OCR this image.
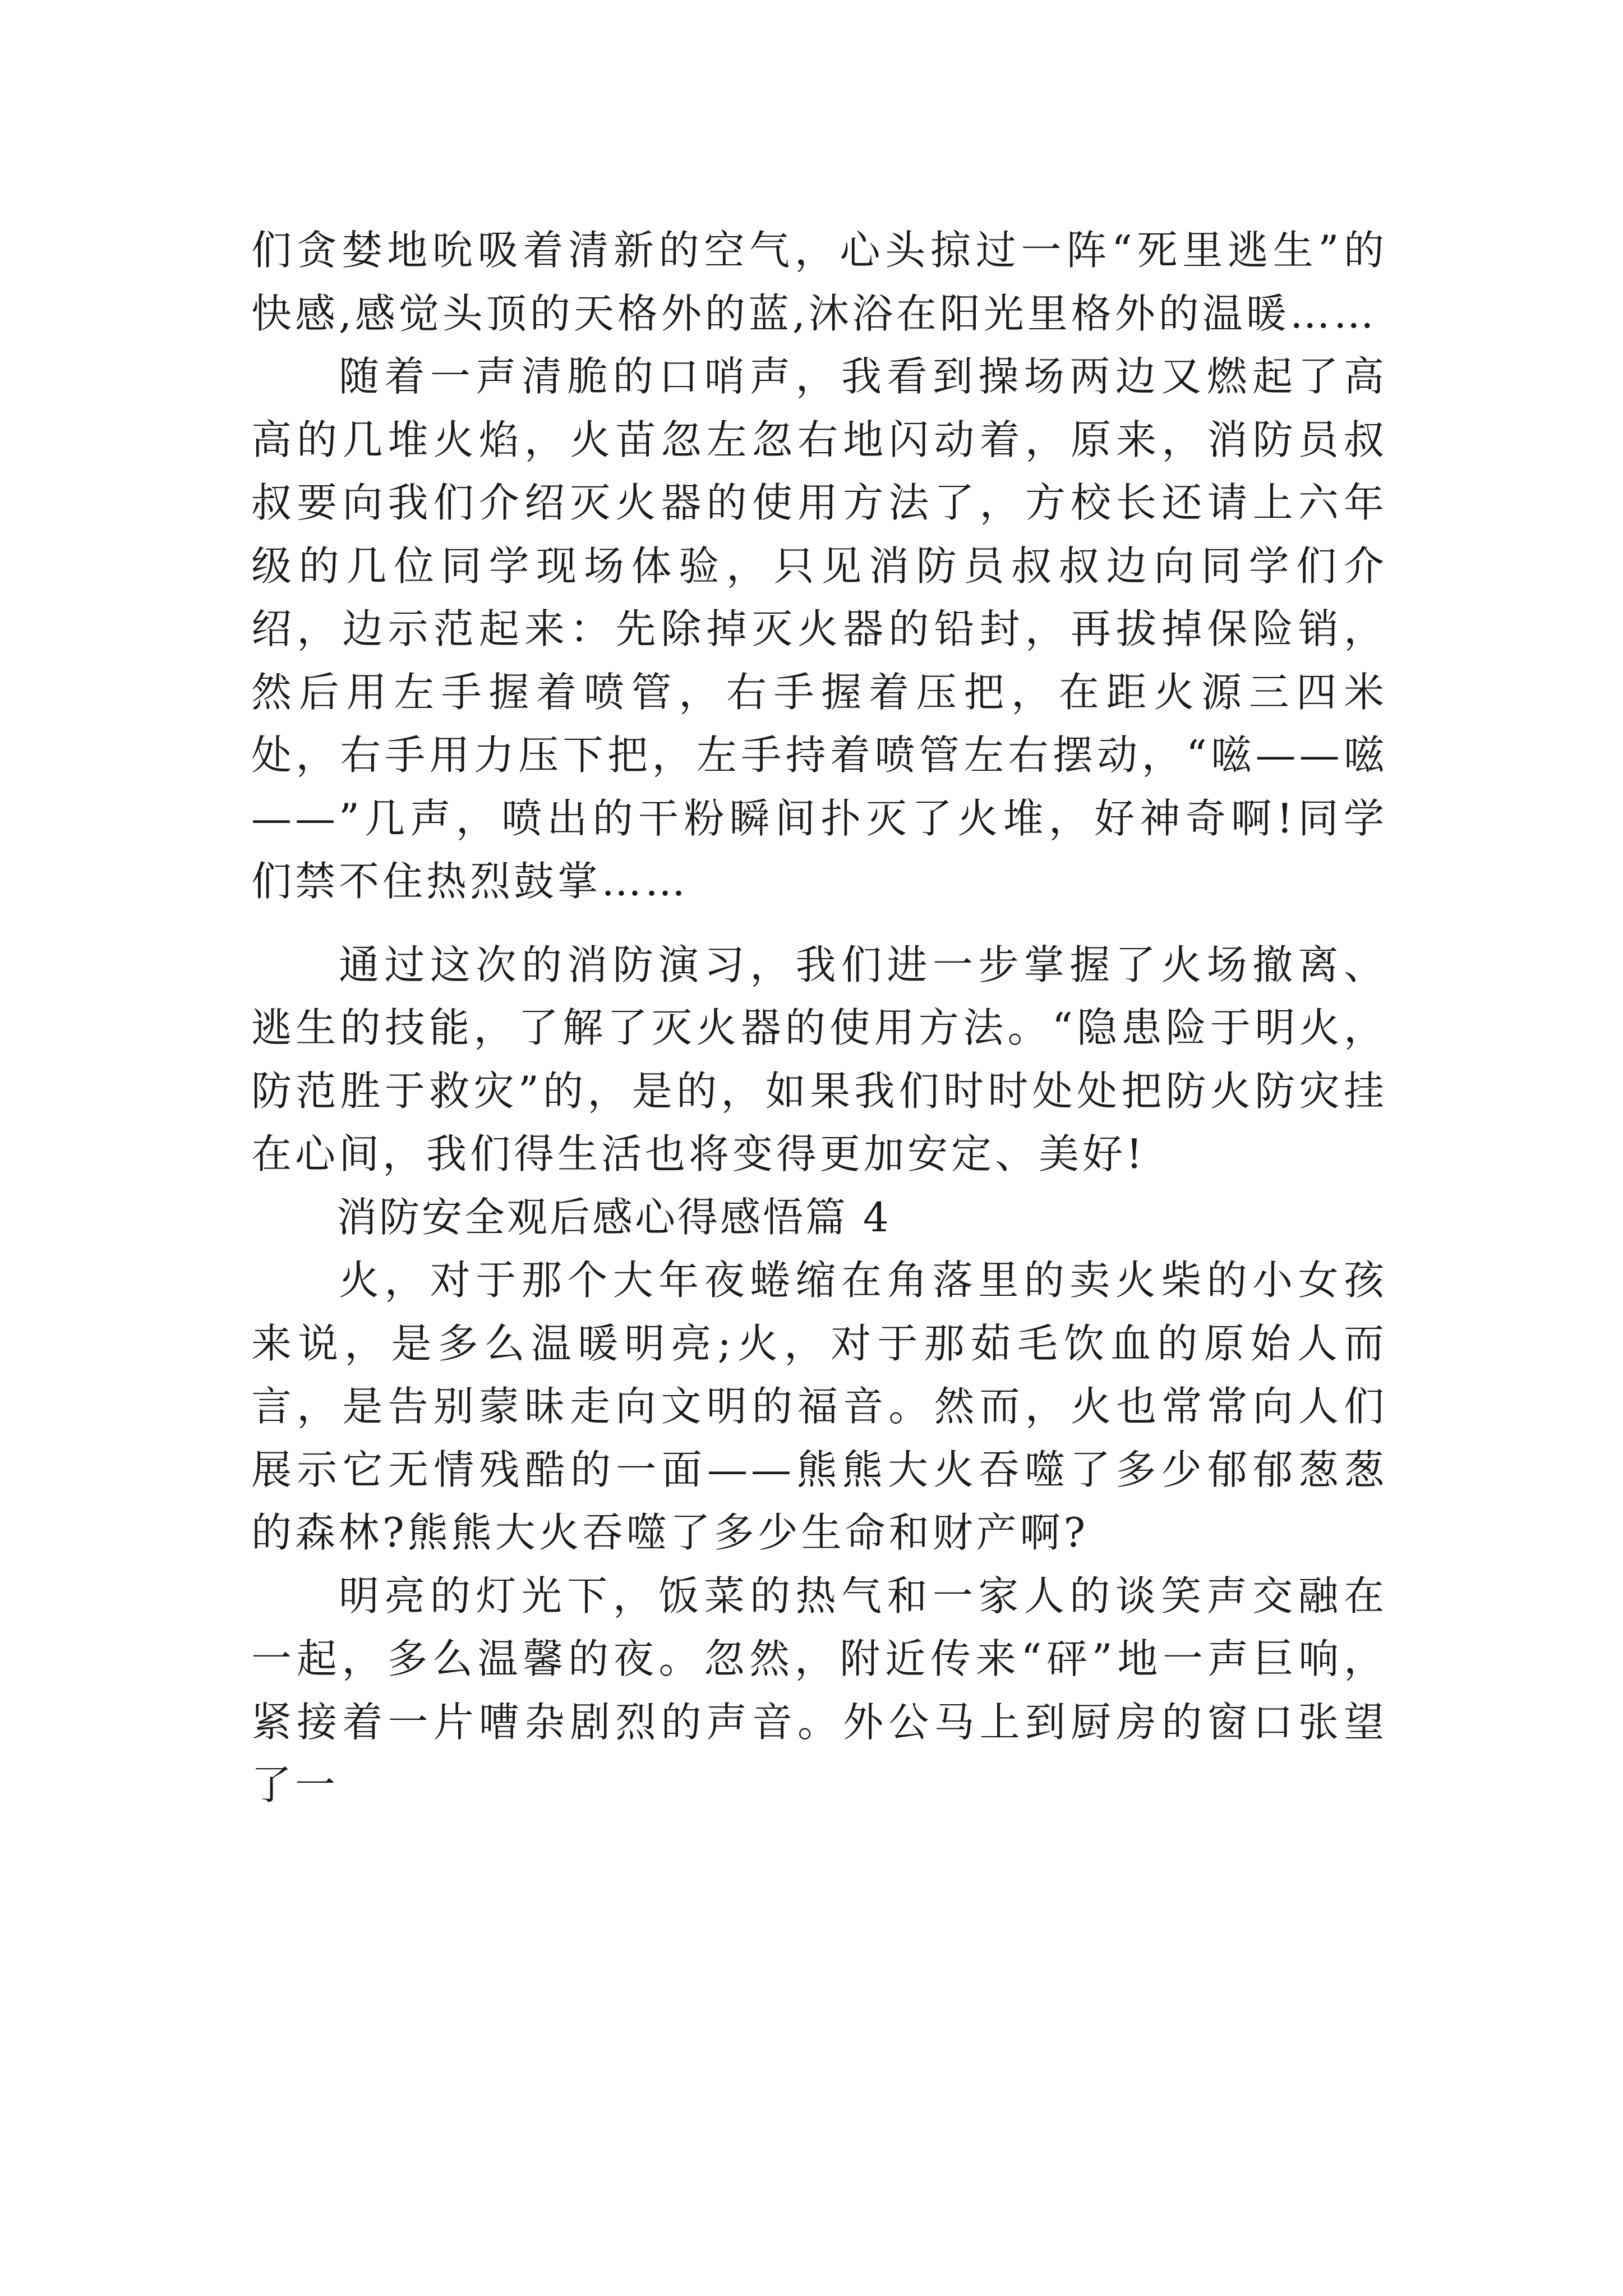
们贪婪地吮吸着清新的空气，心头掠过一阵“死里逃生”的快感,感觉头顶的天格外的蓝,沐浴在阳光里格外的温暖……

随着一声清脆的口哨声，我看到操场两边又燃起了高高的几堆火焰，火苗忽左忽右地闪动着，原来，消防员叔叔要向我们介绍灭火器的使用方法了，方校长还请上六年级的几位同学现场体验，只见消防员叔叔边向同学们介绍，边示范起来：先除掉灭火器的铅封，再拔掉保险销，然后用左手握着喷管，右手握着压把，在距火源三四米处，右手用力压下把，左手持着喷管左右摆动，“嗞——嗞——”几声，喷出的干粉瞬间扑灭了火堆，好神奇啊!同学们禁不住热烈鼓掌……

通过这次的消防演习，我们进一步掌握了火场撤离、逃生的技能，了解了灭火器的使用方法。“隐患险于明火，防范胜于救灾”的，是的，如果我们时时处处把防火防灾挂在心间，我们得生活也将变得更加安定、美好!

消防安全观后感心得感悟篇 4

火，对于那个大年夜蜷缩在角落里的卖火柴的小女孩来说，是多么温暖明亮;火，对于那茹毛饮血的原始人而言，是告别蒙昧走向文明的福音。然而，火也常常向人们展示它无情残酷的一面——熊熊大火吞噬了多少郁郁葱葱的森林?熊熊大火吞噬了多少生命和财产啊?

明亮的灯光下，饭菜的热气和一家人的谈笑声交融在一起，多么温馨的夜。忽然，附近传来“砰”地一声巨响，紧接着一片嘈杂剧烈的声音。外公马上到厨房的窗口张望了一
